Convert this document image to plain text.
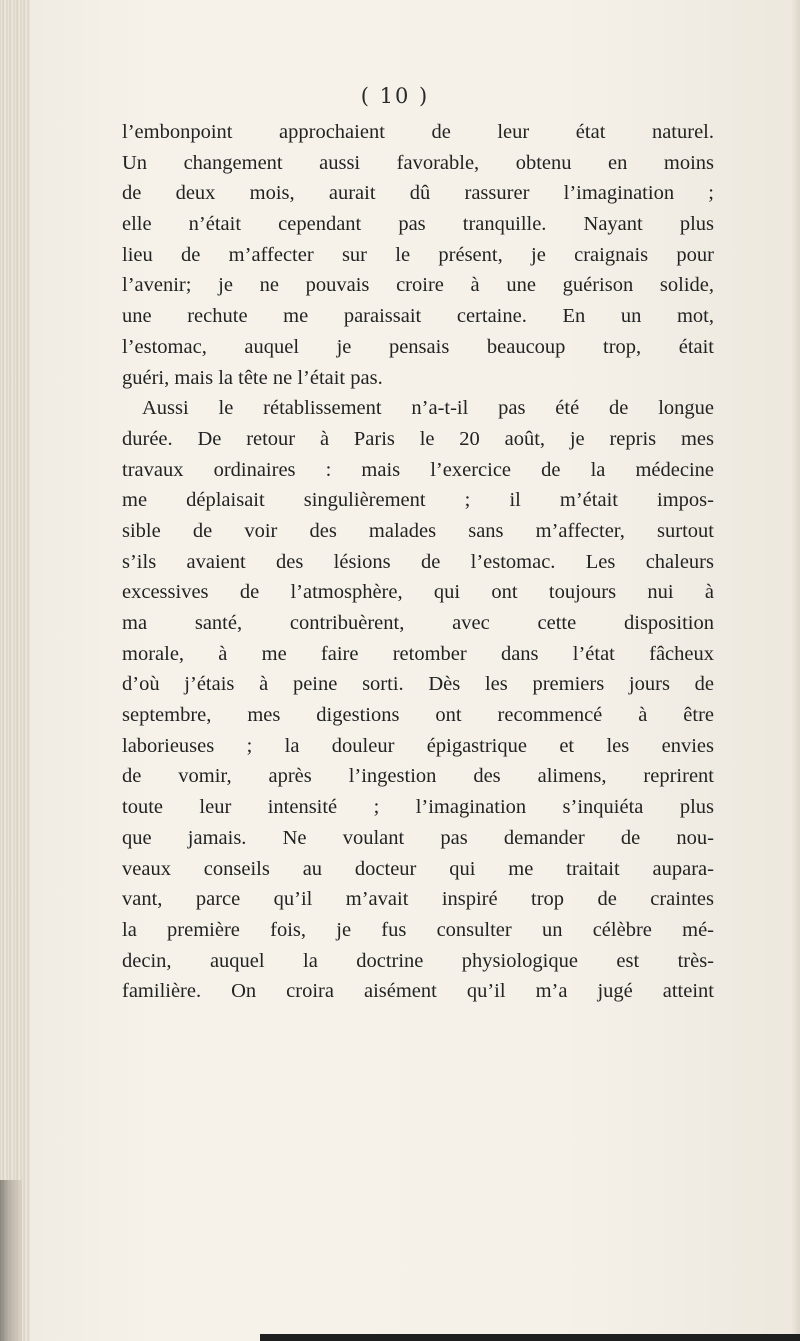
( 10 )
l’embonpoint approchaient de leur état naturel.
Un changement aussi favorable, obtenu en moins
de deux mois, aurait dû rassurer l’imagination ;
elle n’était cependant pas tranquille. Nayant plus
lieu de m’affecter sur le présent, je craignais pour
l’avenir; je ne pouvais croire à une guérison solide,
une rechute me paraissait certaine. En un mot,
l’estomac, auquel je pensais beaucoup trop, était
guéri, mais la tête ne l’était pas.
Aussi le rétablissement n’a-t-il pas été de longue
durée. De retour à Paris le 20 août, je repris mes
travaux ordinaires : mais l’exercice de la médecine
me déplaisait singulièrement ; il m’était impos-
sible de voir des malades sans m’affecter, surtout
s’ils avaient des lésions de l’estomac. Les chaleurs
excessives de l’atmosphère, qui ont toujours nui à
ma santé, contribuèrent, avec cette disposition
morale, à me faire retomber dans l’état fâcheux
d’où j’étais à peine sorti. Dès les premiers jours de
septembre, mes digestions ont recommencé à être
laborieuses ; la douleur épigastrique et les envies
de vomir, après l’ingestion des alimens, reprirent
toute leur intensité ; l’imagination s’inquiéta plus
que jamais. Ne voulant pas demander de nou-
veaux conseils au docteur qui me traitait aupara-
vant, parce qu’il m’avait inspiré trop de craintes
la première fois, je fus consulter un célèbre mé-
decin, auquel la doctrine physiologique est très-
familière. On croira aisément qu’il m’a jugé atteint
